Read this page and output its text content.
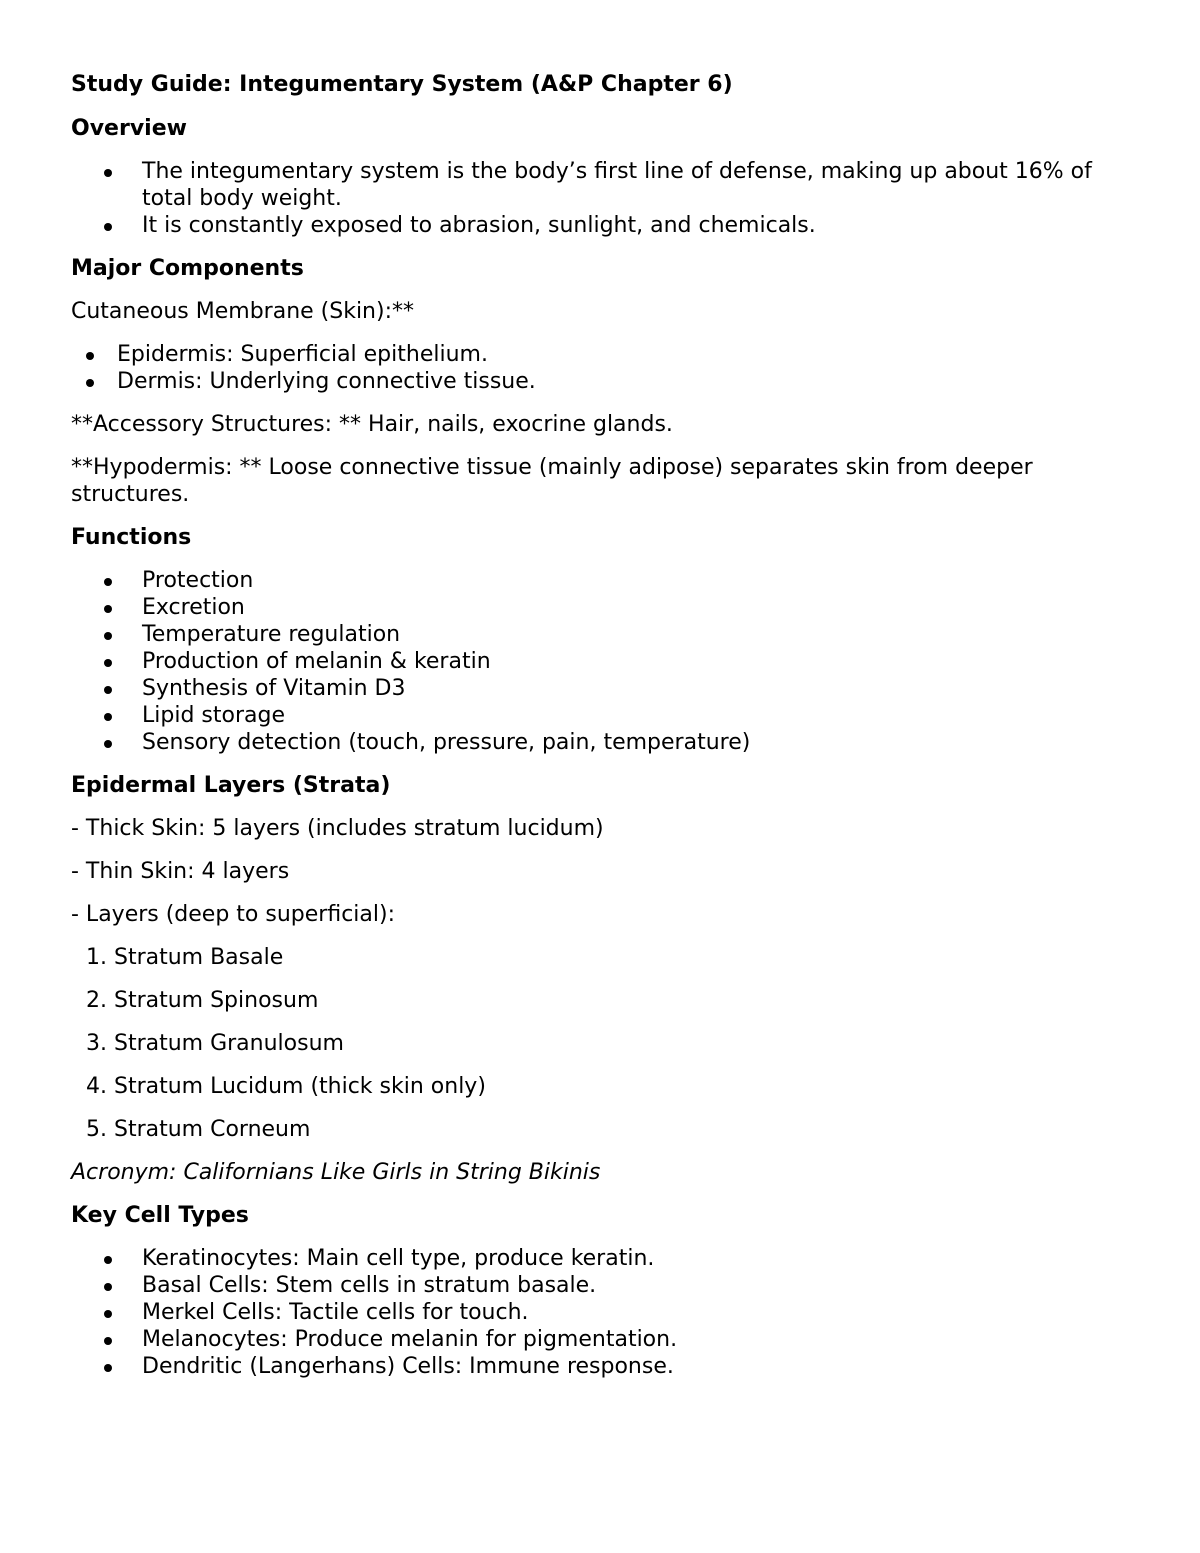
Study Guide: Integumentary System (A&P Chapter 6)
Overview
The integumentary system is the body’s first line of defense, making up about 16% of total body weight.
It is constantly exposed to abrasion, sunlight, and chemicals.
Major Components

Cutaneous Membrane (Skin):**

Epidermis: Superficial epithelium.
Dermis: Underlying connective tissue.

**Accessory Structures: ** Hair, nails, exocrine glands.

**Hypodermis: ** Loose connective tissue (mainly adipose) separates skin from deeper structures.

Functions
Protection
Excretion
Temperature regulation
Production of melanin & keratin
Synthesis of Vitamin D3
Lipid storage
Sensory detection (touch, pressure, pain, temperature)
Epidermal Layers (Strata)

- Thick Skin: 5 layers (includes stratum lucidum)

- Thin Skin: 4 layers

- Layers (deep to superficial):

1. Stratum Basale
2. Stratum Spinosum
3. Stratum Granulosum
4. Stratum Lucidum (thick skin only)
5. Stratum Corneum

Acronym: Californians Like Girls in String Bikinis

Key Cell Types
Keratinocytes: Main cell type, produce keratin.
Basal Cells: Stem cells in stratum basale.
Merkel Cells: Tactile cells for touch.
Melanocytes: Produce melanin for pigmentation.
Dendritic (Langerhans) Cells: Immune response.
